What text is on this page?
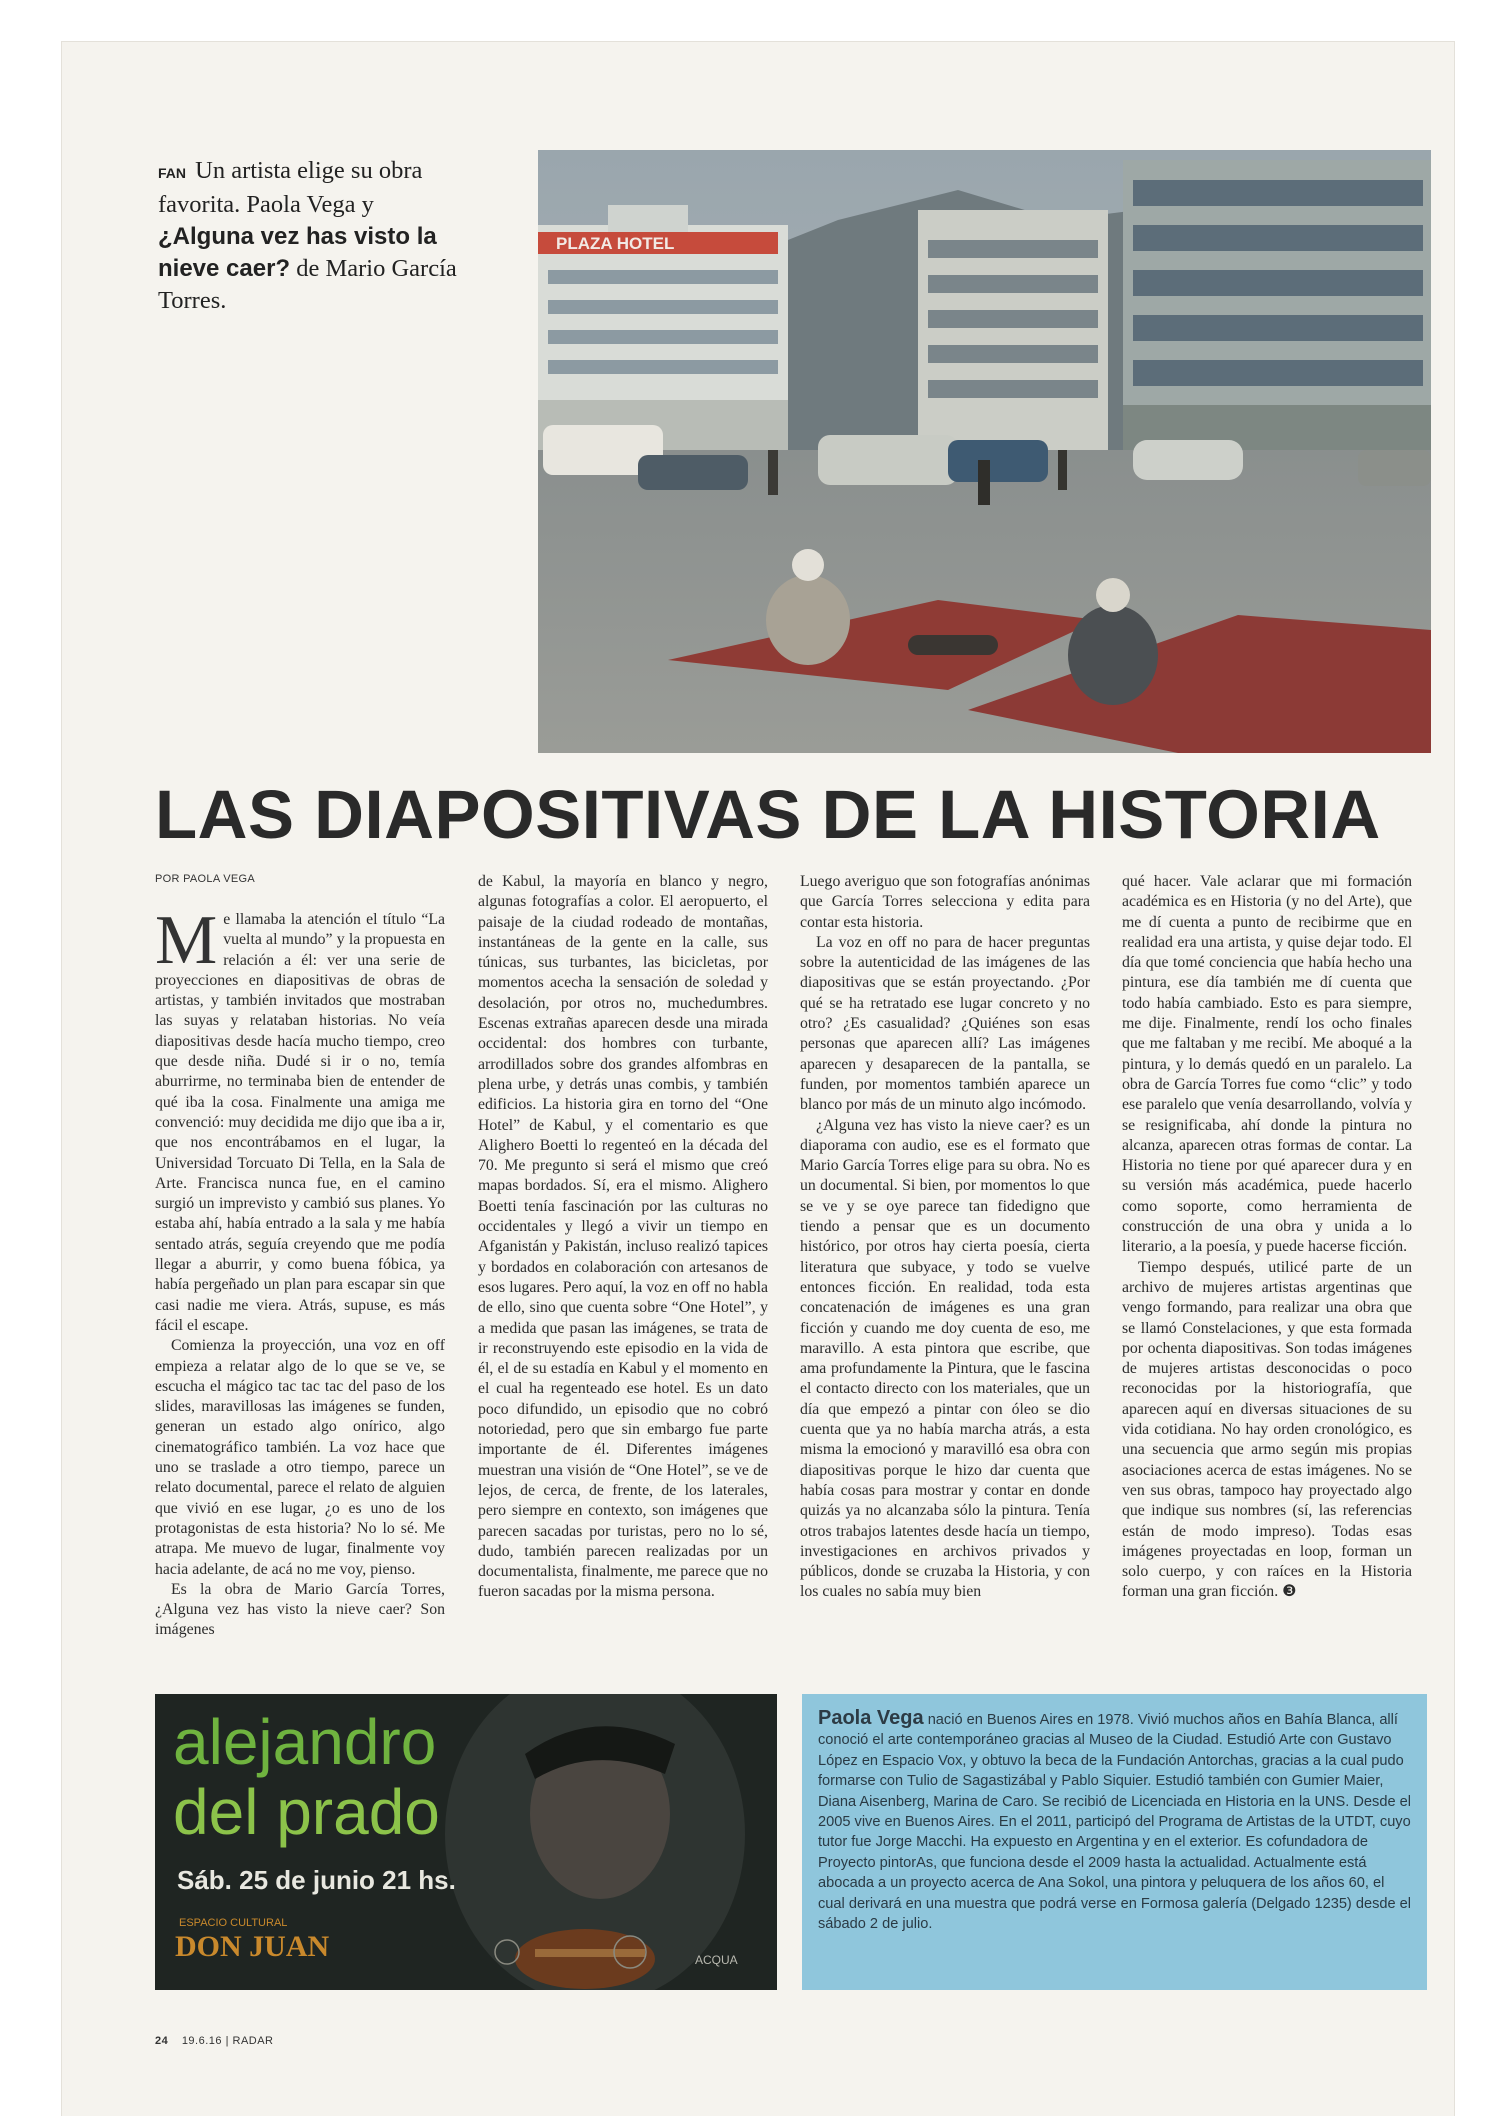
FAN Un artista elige su obra favorita. Paola Vega y ¿Alguna vez has visto la nieve caer? de Mario García Torres.
PLAZA HOTEL
LAS DIAPOSITIVAS DE LA HISTORIA
POR PAOLA VEGA

Me llamaba la atención el título “La vuelta al mundo” y la propuesta en relación a él: ver una serie de proyecciones en diapositivas de obras de artistas, y también invitados que mostraban las suyas y relataban historias. No veía diapositivas desde hacía mucho tiempo, creo que desde niña. Dudé si ir o no, temía aburrirme, no terminaba bien de entender de qué iba la cosa. Finalmente una amiga me convenció: muy decidida me dijo que iba a ir, que nos encontrábamos en el lugar, la Universidad Torcuato Di Tella, en la Sala de Arte. Francisca nunca fue, en el camino surgió un imprevisto y cambió sus planes. Yo estaba ahí, había entrado a la sala y me había sentado atrás, seguía creyendo que me podía llegar a aburrir, y como buena fóbica, ya había pergeñado un plan para escapar sin que casi nadie me viera. Atrás, supuse, es más fácil el escape.

Comienza la proyección, una voz en off empieza a relatar algo de lo que se ve, se escucha el mágico tac tac tac del paso de los slides, maravillosas las imágenes se funden, generan un estado algo onírico, algo cinematográfico también. La voz hace que uno se traslade a otro tiempo, parece un relato documental, parece el relato de alguien que vivió en ese lugar, ¿o es uno de los protagonistas de esta historia? No lo sé. Me atrapa. Me muevo de lugar, finalmente voy hacia adelante, de acá no me voy, pienso.

Es la obra de Mario García Torres, ¿Alguna vez has visto la nieve caer? Son imágenes

de Kabul, la mayoría en blanco y negro, algunas fotografías a color. El aeropuerto, el paisaje de la ciudad rodeado de montañas, instantáneas de la gente en la calle, sus túnicas, sus turbantes, las bicicletas, por momentos acecha la sensación de soledad y desolación, por otros no, muchedumbres. Escenas extrañas aparecen desde una mirada occidental: dos hombres con turbante, arrodillados sobre dos grandes alfombras en plena urbe, y detrás unas combis, y también edificios. La historia gira en torno del “One Hotel” de Kabul, y el comentario es que Alighero Boetti lo regenteó en la década del 70. Me pregunto si será el mismo que creó mapas bordados. Sí, era el mismo. Alighero Boetti tenía fascinación por las culturas no occidentales y llegó a vivir un tiempo en Afganistán y Pakistán, incluso realizó tapices y bordados en colaboración con artesanos de esos lugares. Pero aquí, la voz en off no habla de ello, sino que cuenta sobre “One Hotel”, y a medida que pasan las imágenes, se trata de ir reconstruyendo este episodio en la vida de él, el de su estadía en Kabul y el momento en el cual ha regenteado ese hotel. Es un dato poco difundido, un episodio que no cobró notoriedad, pero que sin embargo fue parte importante de él. Diferentes imágenes muestran una visión de “One Hotel”, se ve de lejos, de cerca, de frente, de los laterales, pero siempre en contexto, son imágenes que parecen sacadas por turistas, pero no lo sé, dudo, también parecen realizadas por un documentalista, finalmente, me parece que no fueron sacadas por la misma persona.

Luego averiguo que son fotografías anónimas que García Torres selecciona y edita para contar esta historia.

La voz en off no para de hacer preguntas sobre la autenticidad de las imágenes de las diapositivas que se están proyectando. ¿Por qué se ha retratado ese lugar concreto y no otro? ¿Es casualidad? ¿Quiénes son esas personas que aparecen allí? Las imágenes aparecen y desaparecen de la pantalla, se funden, por momentos también aparece un blanco por más de un minuto algo incómodo.

¿Alguna vez has visto la nieve caer? es un diaporama con audio, ese es el formato que Mario García Torres elige para su obra. No es un documental. Si bien, por momentos lo que se ve y se oye parece tan fidedigno que tiendo a pensar que es un documento histórico, por otros hay cierta poesía, cierta literatura que subyace, y todo se vuelve entonces ficción. En realidad, toda esta concatenación de imágenes es una gran ficción y cuando me doy cuenta de eso, me maravillo. A esta pintora que escribe, que ama profundamente la Pintura, que le fascina el contacto directo con los materiales, que un día que empezó a pintar con óleo se dio cuenta que ya no había marcha atrás, a esta misma la emocionó y maravilló esa obra con diapositivas porque le hizo dar cuenta que había cosas para mostrar y contar en donde quizás ya no alcanzaba sólo la pintura. Tenía otros trabajos latentes desde hacía un tiempo, investigaciones en archivos privados y públicos, donde se cruzaba la Historia, y con los cuales no sabía muy bien

qué hacer. Vale aclarar que mi formación académica es en Historia (y no del Arte), que me dí cuenta a punto de recibirme que en realidad era una artista, y quise dejar todo. El día que tomé conciencia que había hecho una pintura, ese día también me dí cuenta que todo había cambiado. Esto es para siempre, me dije. Finalmente, rendí los ocho finales que me faltaban y me recibí. Me aboqué a la pintura, y lo demás quedó en un paralelo. La obra de García Torres fue como “clic” y todo ese paralelo que venía desarrollando, volvía y se resignificaba, ahí donde la pintura no alcanza, aparecen otras formas de contar. La Historia no tiene por qué aparecer dura y en su versión más académica, puede hacerlo como soporte, como herramienta de construcción de una obra y unida a lo literario, a la poesía, y puede hacerse ficción.

Tiempo después, utilicé parte de un archivo de mujeres artistas argentinas que vengo formando, para realizar una obra que se llamó Constelaciones, y que esta formada por ochenta diapositivas. Son todas imágenes de mujeres artistas desconocidas o poco reconocidas por la historiografía, que aparecen aquí en diversas situaciones de su vida cotidiana. No hay orden cronológico, es una secuencia que armo según mis propias asociaciones acerca de estas imágenes. No se ven sus obras, tampoco hay proyectado algo que indique sus nombres (sí, las referencias están de modo impreso). Todas esas imágenes proyectadas en loop, forman un solo cuerpo, y con raíces en la Historia forman una gran ficción. ❸

alejandro
del prado
Sáb. 25 de junio 21 hs.
ESPACIO CULTURAL
DON JUAN	ACQUA
Paola Vega nació en Buenos Aires en 1978. Vivió muchos años en Bahía Blanca, allí conoció el arte contemporáneo gracias al Museo de la Ciudad. Estudió Arte con Gustavo López en Espacio Vox, y obtuvo la beca de la Fundación Antorchas, gracias a la cual pudo formarse con Tulio de Sagastizábal y Pablo Siquier. Estudió también con Gumier Maier, Diana Aisenberg, Marina de Caro. Se recibió de Licenciada en Historia en la UNS. Desde el 2005 vive en Buenos Aires. En el 2011, participó del Programa de Artistas de la UTDT, cuyo tutor fue Jorge Macchi. Ha expuesto en Argentina y en el exterior. Es cofundadora de Proyecto pintorAs, que funciona desde el 2009 hasta la actualidad. Actualmente está abocada a un proyecto acerca de Ana Sokol, una pintora y peluquera de los años 60, el cual derivará en una muestra que podrá verse en Formosa galería (Delgado 1235) desde el sábado 2 de julio.
24 19.6.16 | RADAR
